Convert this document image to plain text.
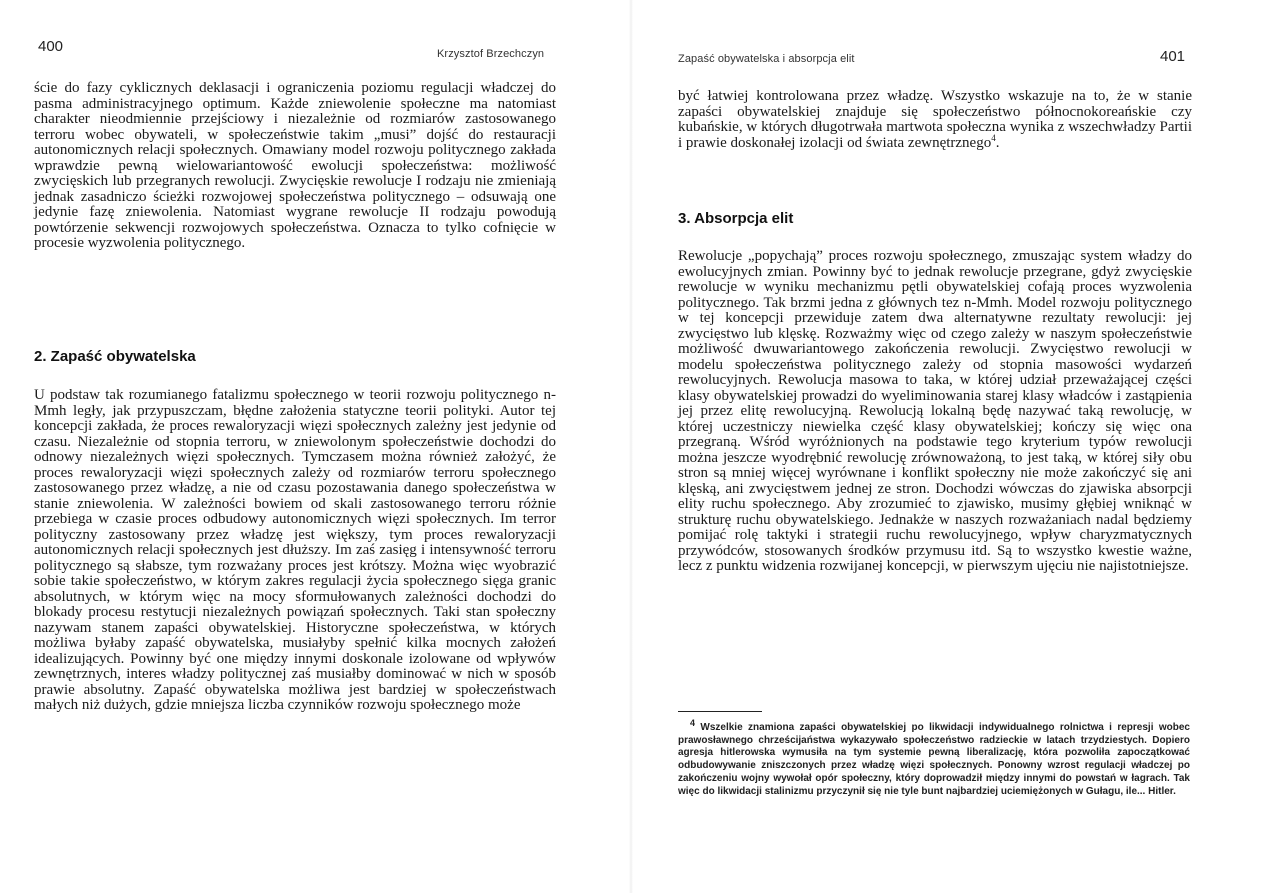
400	Krzysztof Brzechczyn

ście do fazy cyklicznych deklasacji i ograniczenia poziomu regulacji władczej do pasma administracyjnego optimum. Każde zniewolenie społeczne ma natomiast charakter nieodmiennie przejściowy i niezależnie od rozmiarów zastosowanego terroru wobec obywateli, w społeczeństwie takim „musi” dojść do restauracji autonomicznych relacji społecznych. Omawiany model rozwoju politycznego zakłada wprawdzie pewną wielowariantowość ewolucji społeczeństwa: możliwość zwycięskich lub przegranych rewolucji. Zwycięskie rewolucje I rodzaju nie zmieniają jednak zasadniczo ścieżki rozwojowej społeczeństwa politycznego – odsuwają one jedynie fazę zniewolenia. Natomiast wygrane rewolucje II rodzaju powodują powtórzenie sekwencji rozwojowych społeczeństwa. Oznacza to tylko cofnięcie w procesie wyzwolenia politycznego.

2. Zapaść obywatelska

U podstaw tak rozumianego fatalizmu społecznego w teorii rozwoju politycznego n-Mmh legły, jak przypuszczam, błędne założenia statyczne teorii polityki. Autor tej koncepcji zakłada, że proces rewaloryzacji więzi społecznych zależny jest jedynie od czasu. Niezależnie od stopnia terroru, w zniewolonym społeczeństwie dochodzi do odnowy niezależnych więzi społecznych. Tymczasem można również założyć, że proces rewaloryzacji więzi społecznych zależy od rozmiarów terroru społecznego zastosowanego przez władzę, a nie od czasu pozostawania danego społeczeństwa w stanie zniewolenia. W zależności bowiem od skali zastosowanego terroru różnie przebiega w czasie proces odbudowy autonomicznych więzi społecznych. Im terror polityczny zastosowany przez władzę jest większy, tym proces rewaloryzacji autonomicznych relacji społecznych jest dłuższy. Im zaś zasięg i intensywność terroru politycznego są słabsze, tym rozważany proces jest krótszy. Można więc wyobrazić sobie takie społeczeństwo, w którym zakres regulacji życia społecznego sięga granic absolutnych, w którym więc na mocy sformułowanych zależności dochodzi do blokady procesu restytucji niezależnych powiązań społecznych. Taki stan społeczny nazywam stanem zapaści obywatelskiej. Historyczne społeczeństwa, w których możliwa byłaby zapaść obywatelska, musiałyby spełnić kilka mocnych założeń idealizujących. Powinny być one między innymi doskonale izolowane od wpływów zewnętrznych, interes władzy politycznej zaś musiałby dominować w nich w sposób prawie absolutny. Zapaść obywatelska możliwa jest bardziej w społeczeństwach małych niż dużych, gdzie mniejsza liczba czynników rozwoju społecznego może

Zapaść obywatelska i absorpcja elit	401

być łatwiej kontrolowana przez władzę. Wszystko wskazuje na to, że w stanie zapaści obywatelskiej znajduje się społeczeństwo północnokoreańskie czy kubańskie, w których długotrwała martwota społeczna wynika z wszechwładzy Partii i prawie doskonałej izolacji od świata zewnętrznego$^4$.

3. Absorpcja elit

Rewolucje „popychają” proces rozwoju społecznego, zmuszając system władzy do ewolucyjnych zmian. Powinny być to jednak rewolucje przegrane, gdyż zwycięskie rewolucje w wyniku mechanizmu pętli obywatelskiej cofają proces wyzwolenia politycznego. Tak brzmi jedna z głównych tez n-Mmh. Model rozwoju politycznego w tej koncepcji przewiduje zatem dwa alternatywne rezultaty rewolucji: jej zwycięstwo lub klęskę. Rozważmy więc od czego zależy w naszym społeczeństwie możliwość dwuwariantowego zakończenia rewolucji. Zwycięstwo rewolucji w modelu społeczeństwa politycznego zależy od stopnia masowości wydarzeń rewolucyjnych. Rewolucja masowa to taka, w której udział przeważającej części klasy obywatelskiej prowadzi do wyeliminowania starej klasy władców i zastąpienia jej przez elitę rewolucyjną. Rewolucją lokalną będę nazywać taką rewolucję, w której uczestniczy niewielka część klasy obywatelskiej; kończy się więc ona przegraną. Wśród wyróżnionych na podstawie tego kryterium typów rewolucji można jeszcze wyodrębnić rewolucję zrównoważoną, to jest taką, w której siły obu stron są mniej więcej wyrównane i konflikt społeczny nie może zakończyć się ani klęską, ani zwycięstwem jednej ze stron. Dochodzi wówczas do zjawiska absorpcji elity ruchu społecznego. Aby zrozumieć to zjawisko, musimy głębiej wniknąć w strukturę ruchu obywatelskiego. Jednakże w naszych rozważaniach nadal będziemy pomijać rolę taktyki i strategii ruchu rewolucyjnego, wpływ charyzmatycznych przywódców, stosowanych środków przymusu itd. Są to wszystko kwestie ważne, lecz z punktu widzenia rozwijanej koncepcji, w pierwszym ujęciu nie najistotniejsze.

$^4$ Wszelkie znamiona zapaści obywatelskiej po likwidacji indywidualnego rolnictwa i represji wobec prawosławnego chrześcijaństwa wykazywało społeczeństwo radzieckie w latach trzydziestych. Dopiero agresja hitlerowska wymusiła na tym systemie pewną liberalizację, która pozwoliła zapoczątkować odbudowywanie zniszczonych przez władzę więzi społecznych. Ponowny wzrost regulacji władczej po zakończeniu wojny wywołał opór społeczny, który doprowadził między innymi do powstań w łagrach. Tak więc do likwidacji stalinizmu przyczynił się nie tyle bunt najbardziej uciemiężonych w Gułagu, ile... Hitler.
